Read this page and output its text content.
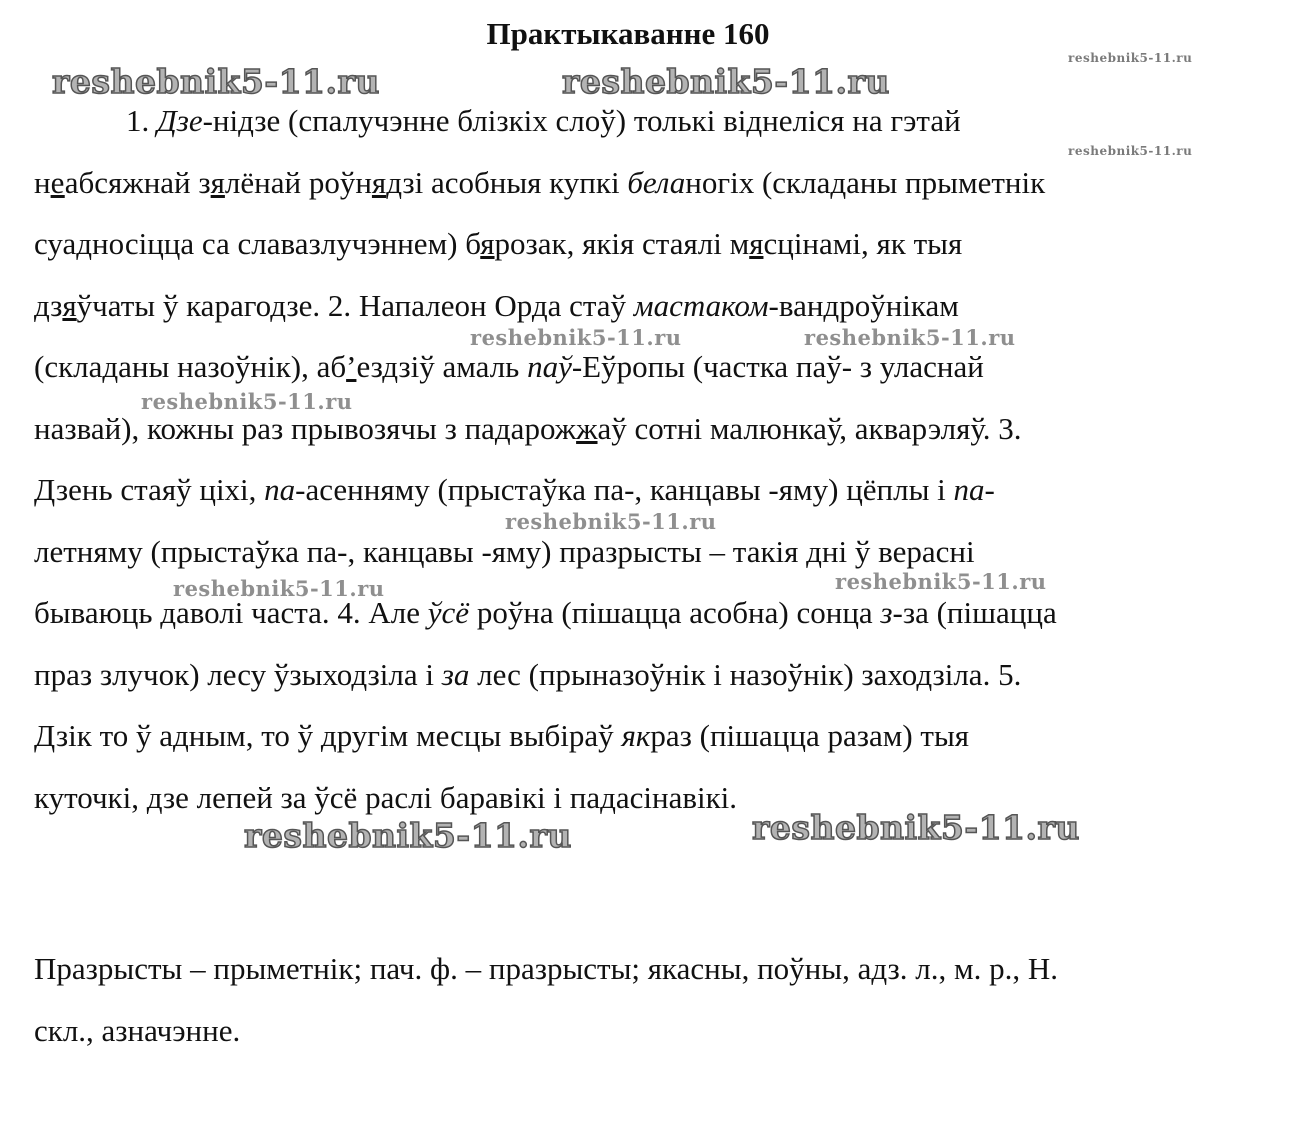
Практыкаванне 160
1. Дзе-нідзе (спалучэнне блізкіх слоў) толькі віднеліся на гэтай
неабсяжнай зялёнай роўнядзі асобныя купкі беланогіх (складаны прыметнік
суадносіцца са славазлучэннем) бярозак, якія стаялі мясцінамі, як тыя
дзяўчаты ў карагодзе. 2. Напалеон Орда стаў мастаком-вандроўнікам
(складаны назоўнік), аб’ездзіў амаль паў-Еўропы (частка паў- з уласнай
назвай), кожны раз прывозячы з падарожжаў сотні малюнкаў, акварэляў. 3.
Дзень стаяў ціхі, па-асенняму (прыстаўка па-, канцавы -яму) цёплы і па-
летняму (прыстаўка па-, канцавы -яму) празрысты – такія дні ў верасні
бываюць даволі часта. 4. Але ўсё роўна (пішацца асобна) сонца з-за (пішацца
праз злучок) лесу ўзыходзіла і за лес (прыназоўнік і назоўнік) заходзіла. 5.
Дзік то ў адным, то ў другім месцы выбіраў якраз (пішацца разам) тыя
куточкі, дзе лепей за ўсё раслі баравікі і падасінавікі.
Празрысты – прыметнік; пач. ф. – празрысты; якасны, поўны, адз. л., м. р., Н.
скл., азначэнне.
reshebnik5-11.ru	reshebnik5-11.ru
reshebnik5-11.ru
reshebnik5-11.ru
reshebnik5-11.ru	reshebnik5-11.ru
reshebnik5-11.ru
reshebnik5-11.ru
reshebnik5-11.ru	reshebnik5-11.ru
reshebnik5-11.ru	reshebnik5-11.ru
